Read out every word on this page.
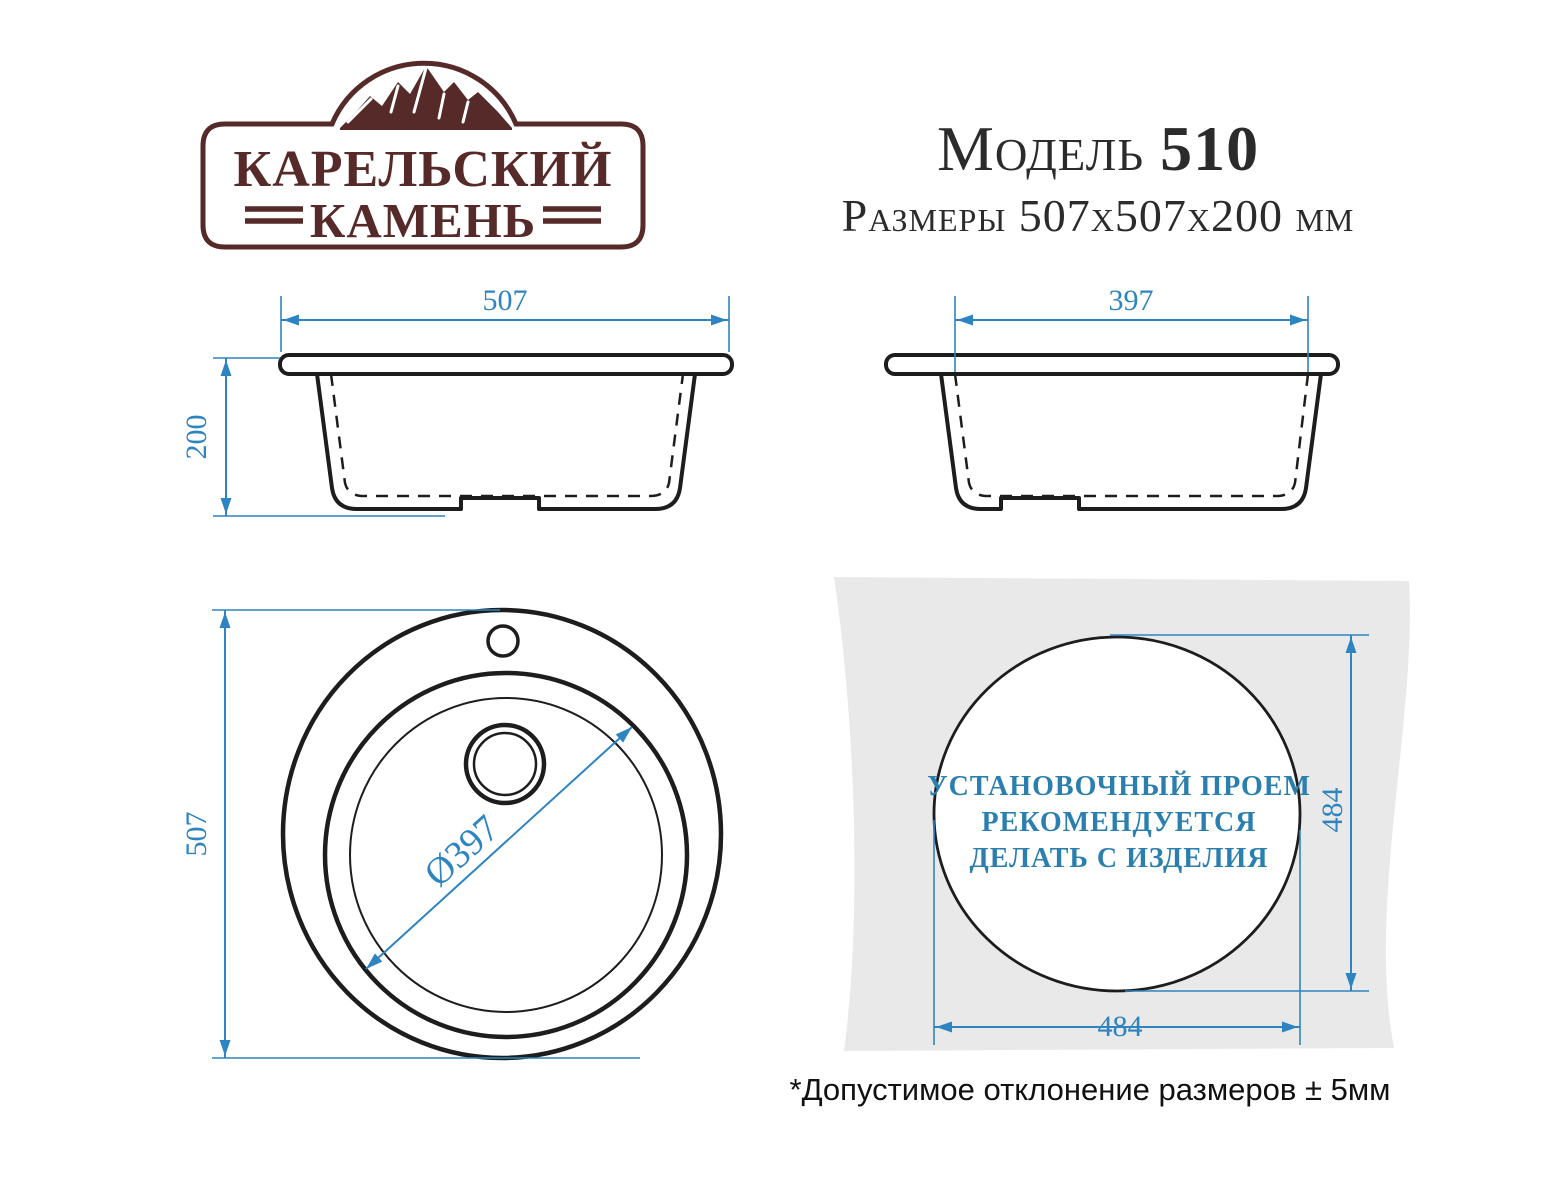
КАРЕЛЬСКИЙ
КАМЕНЬ
Модель 510
Размеры 507x507x200 мм
507
200
397
507	Ø397
УСТАНОВОЧНЫЙ ПРОЕМ
РЕКОМЕНДУЕТСЯ
ДЕЛАТЬ С ИЗДЕЛИЯ
484
484
*Допустимое отклонение размеров ± 5мм
